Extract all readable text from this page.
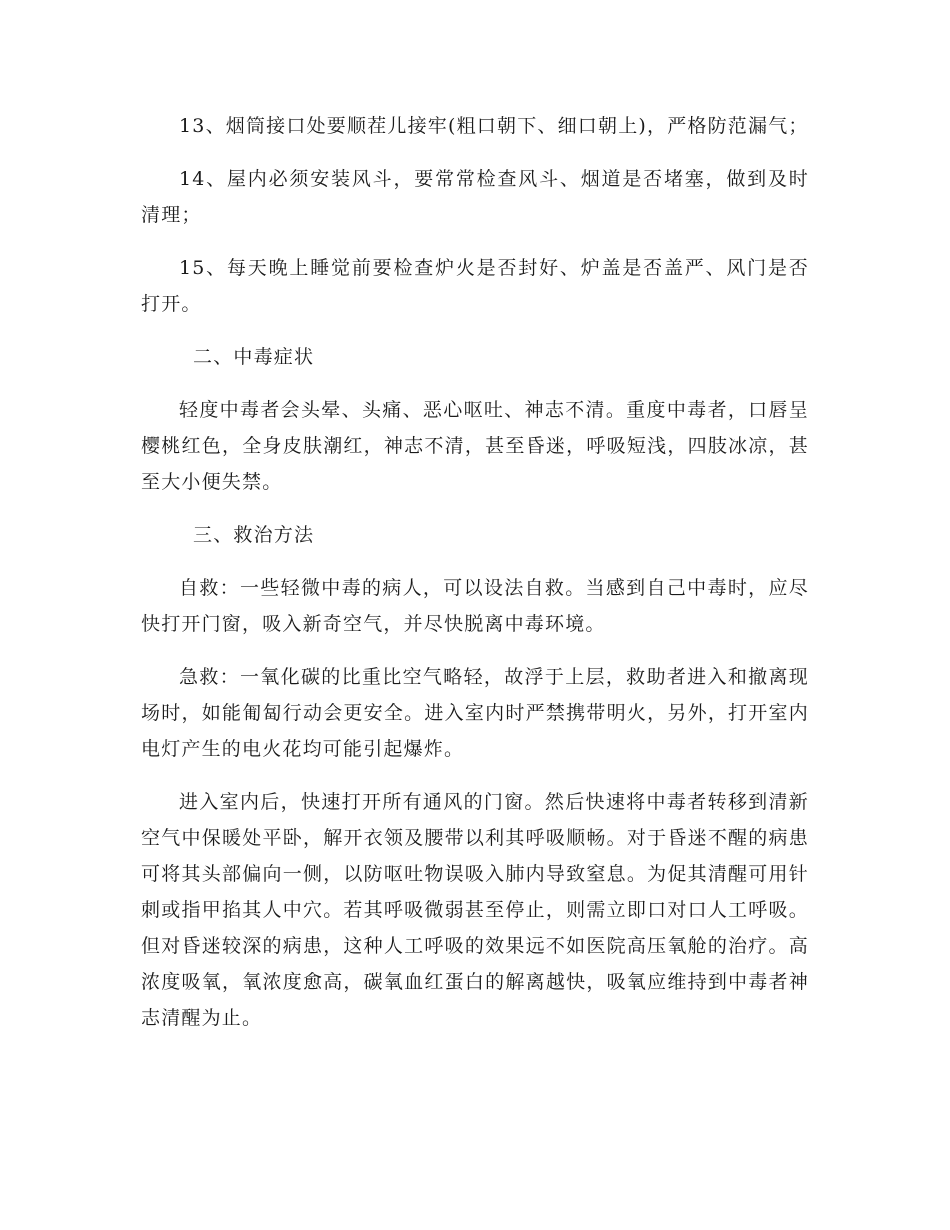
13、烟筒接口处要顺茬儿接牢(粗口朝下、细口朝上)，严格防范漏气；

14、屋内必须安装风斗，要常常检查风斗、烟道是否堵塞，做到及时清理；

15、每天晚上睡觉前要检查炉火是否封好、炉盖是否盖严、风门是否打开。

二、中毒症状

轻度中毒者会头晕、头痛、恶心呕吐、神志不清。重度中毒者，口唇呈樱桃红色，全身皮肤潮红，神志不清，甚至昏迷，呼吸短浅，四肢冰凉，甚至大小便失禁。

三、救治方法

自救：一些轻微中毒的病人，可以设法自救。当感到自己中毒时，应尽快打开门窗，吸入新奇空气，并尽快脱离中毒环境。

急救：一氧化碳的比重比空气略轻，故浮于上层，救助者进入和撤离现场时，如能匍匐行动会更安全。进入室内时严禁携带明火，另外，打开室内电灯产生的电火花均可能引起爆炸。

进入室内后，快速打开所有通风的门窗。然后快速将中毒者转移到清新空气中保暖处平卧，解开衣领及腰带以利其呼吸顺畅。对于昏迷不醒的病患可将其头部偏向一侧，以防呕吐物误吸入肺内导致窒息。为促其清醒可用针刺或指甲掐其人中穴。若其呼吸微弱甚至停止，则需立即口对口人工呼吸。但对昏迷较深的病患，这种人工呼吸的效果远不如医院高压氧舱的治疗。高浓度吸氧，氧浓度愈高，碳氧血红蛋白的解离越快，吸氧应维持到中毒者神志清醒为止。
